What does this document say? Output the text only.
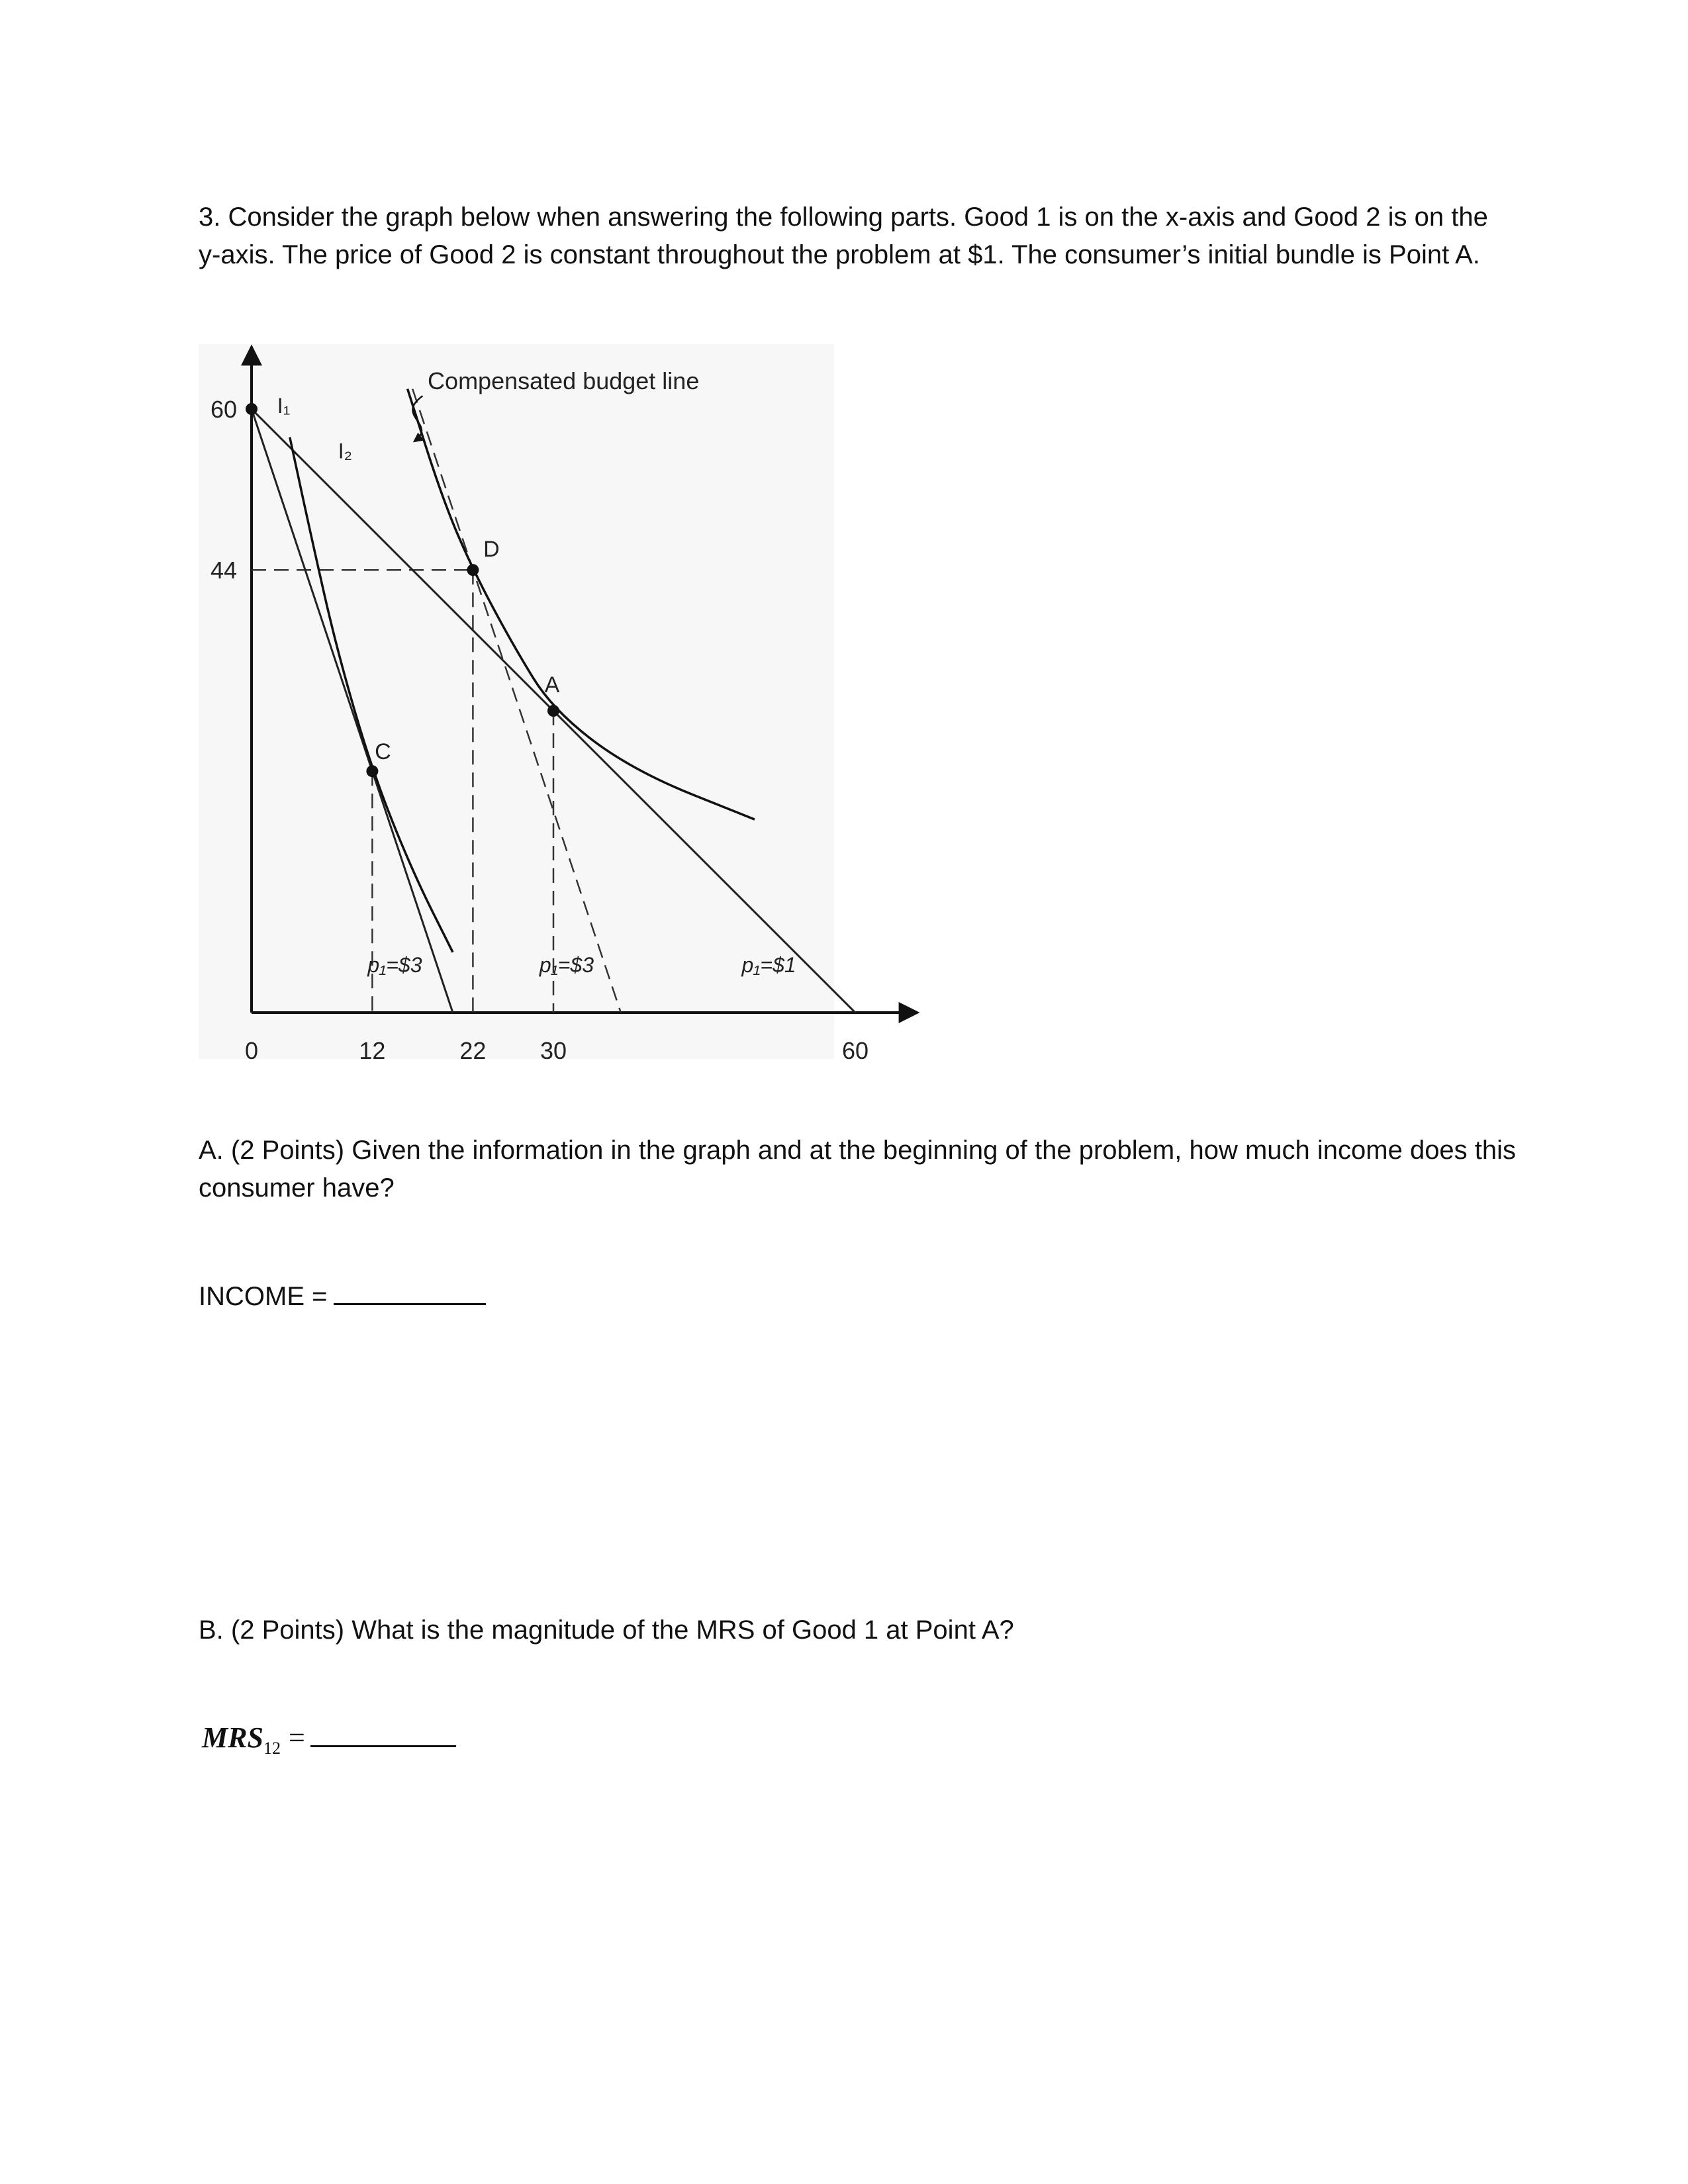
3. Consider the graph below when answering the following parts. Good 1 is on the x-axis and Good 2 is on the y-axis. The price of Good 2 is constant throughout the problem at $1. The consumer’s initial bundle is Point A.
0	12	22 30	60
60
44
A
C
D
I₁
I₂
p₁=$3	p₁=$3	p₁=$1
Compensated budget line
A. (2 Points) Given the information in the graph and at the beginning of the problem, how much income does this consumer have?
INCOME =
B. (2 Points) What is the magnitude of the MRS of Good 1 at Point A?
$MRS_{12}$ =
